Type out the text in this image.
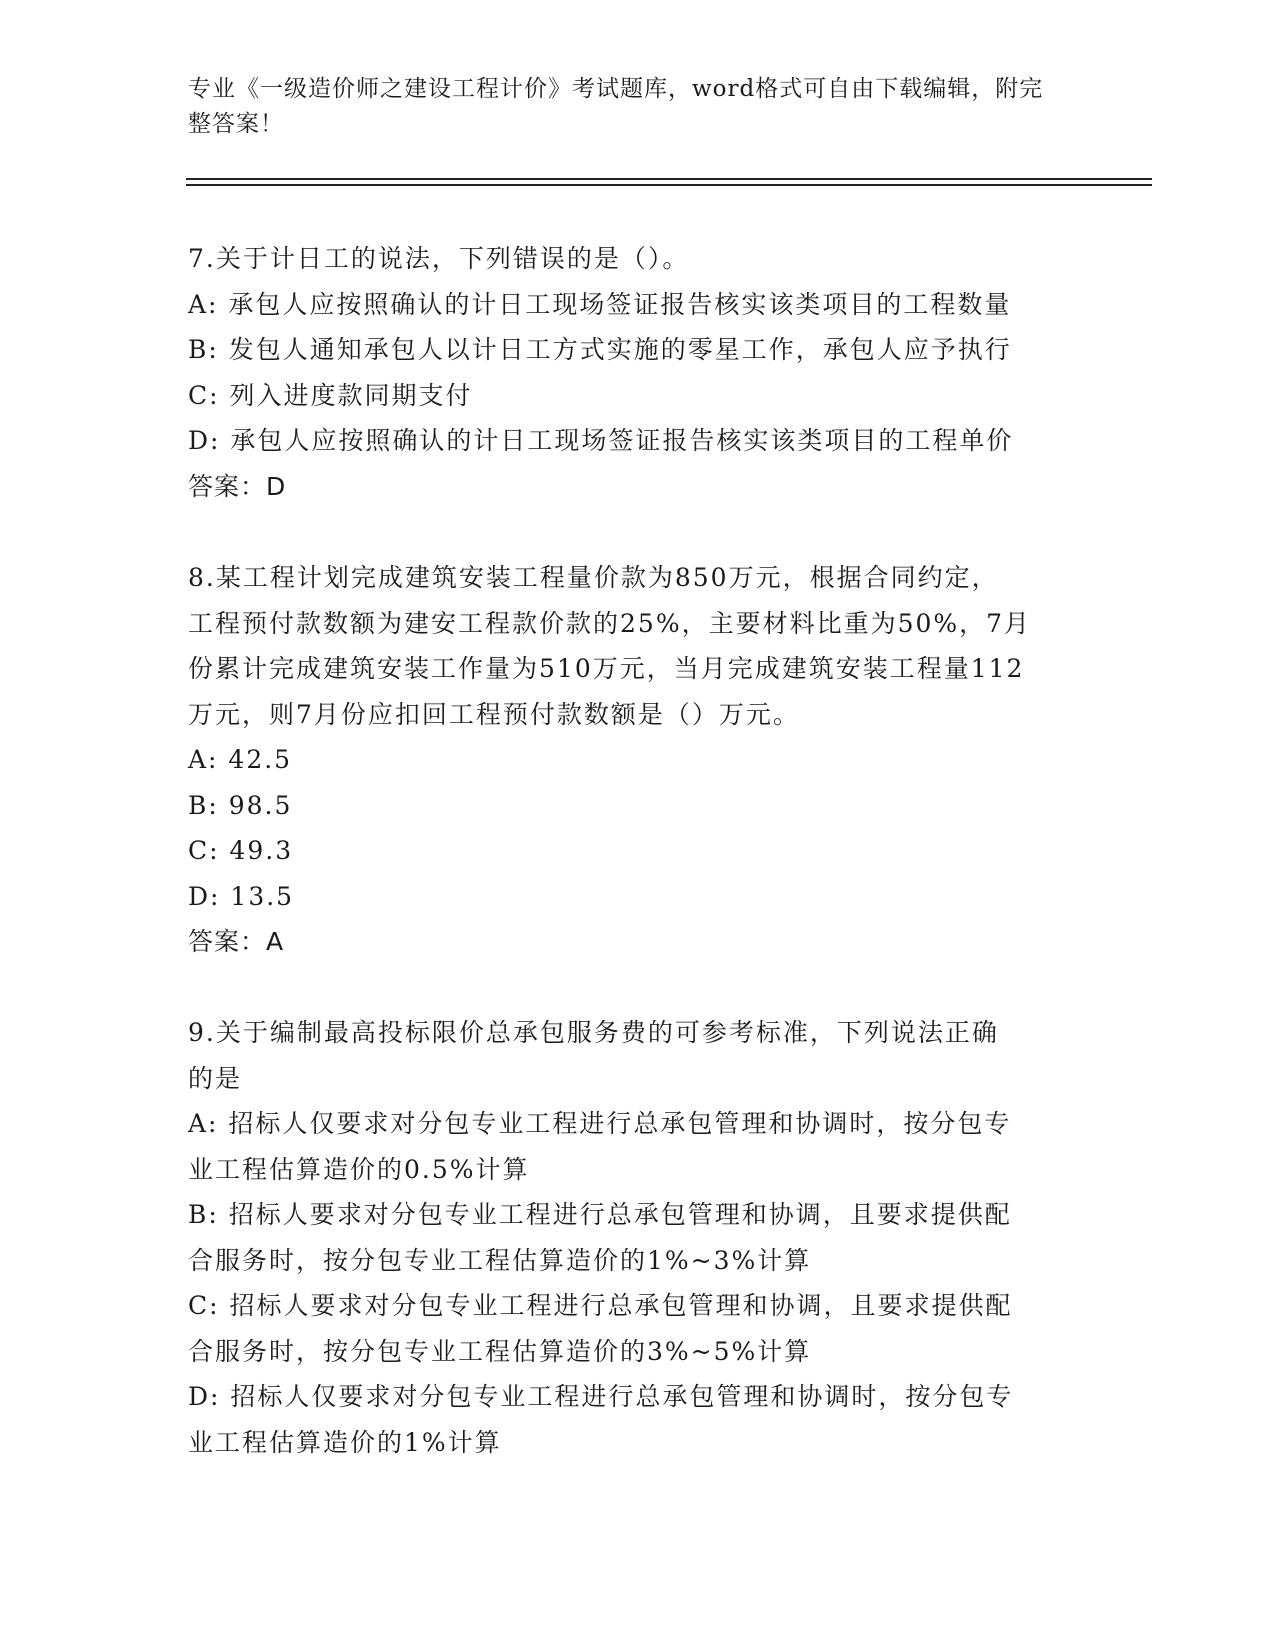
专业《一级造价师之建设工程计价》考试题库，word格式可自由下载编辑，附完
整答案！
7.关于计日工的说法，下列错误的是（）。
A: 承包人应按照确认的计日工现场签证报告核实该类项目的工程数量
B: 发包人通知承包人以计日工方式实施的零星工作，承包人应予执行
C: 列入进度款同期支付
D: 承包人应按照确认的计日工现场签证报告核实该类项目的工程单价
答案：D
8.某工程计划完成建筑安装工程量价款为850万元，根据合同约定，
工程预付款数额为建安工程款价款的25%，主要材料比重为50%，7月
份累计完成建筑安装工作量为510万元，当月完成建筑安装工程量112
万元，则7月份应扣回工程预付款数额是（）万元。
A: 42.5
B: 98.5
C: 49.3
D: 13.5
答案：A
9.关于编制最高投标限价总承包服务费的可参考标准，下列说法正确
的是
A: 招标人仅要求对分包专业工程进行总承包管理和协调时，按分包专
业工程估算造价的0.5%计算
B: 招标人要求对分包专业工程进行总承包管理和协调，且要求提供配
合服务时，按分包专业工程估算造价的1%~3%计算
C: 招标人要求对分包专业工程进行总承包管理和协调，且要求提供配
合服务时，按分包专业工程估算造价的3%~5%计算
D: 招标人仅要求对分包专业工程进行总承包管理和协调时，按分包专
业工程估算造价的1%计算
